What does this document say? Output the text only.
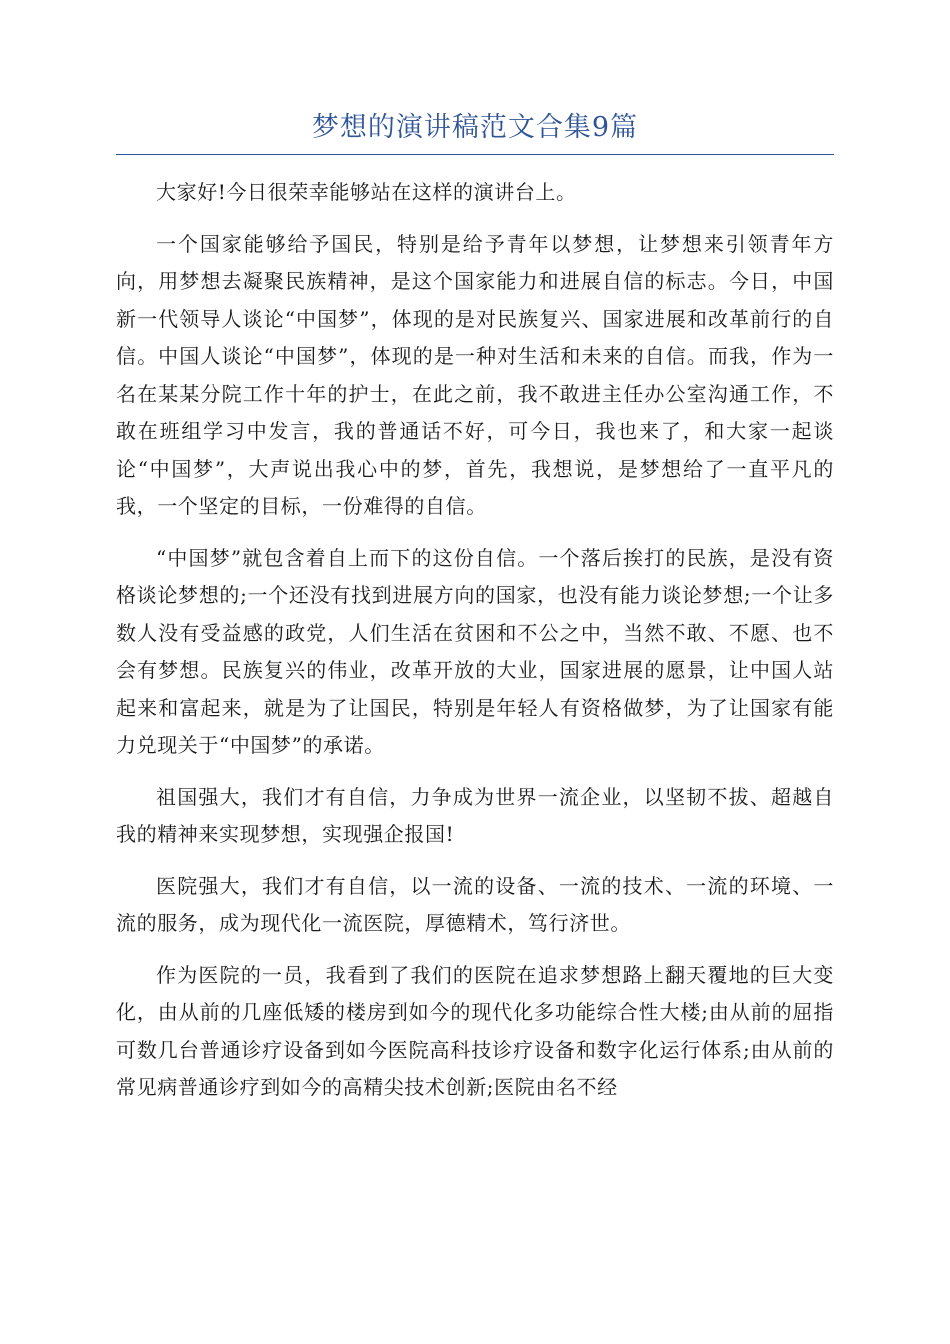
梦想的演讲稿范文合集9篇

大家好!今日很荣幸能够站在这样的演讲台上。

一个国家能够给予国民，特别是给予青年以梦想，让梦想来引领青年方向，用梦想去凝聚民族精神，是这个国家能力和进展自信的标志。今日，中国新一代领导人谈论“中国梦”，体现的是对民族复兴、国家进展和改革前行的自信。中国人谈论“中国梦”，体现的是一种对生活和未来的自信。而我，作为一名在某某分院工作十年的护士，在此之前，我不敢进主任办公室沟通工作，不敢在班组学习中发言，我的普通话不好，可今日，我也来了，和大家一起谈论“中国梦”，大声说出我心中的梦，首先，我想说，是梦想给了一直平凡的我，一个坚定的目标，一份难得的自信。

“中国梦”就包含着自上而下的这份自信。一个落后挨打的民族，是没有资格谈论梦想的;一个还没有找到进展方向的国家，也没有能力谈论梦想;一个让多数人没有受益感的政党，人们生活在贫困和不公之中，当然不敢、不愿、也不会有梦想。民族复兴的伟业，改革开放的大业，国家进展的愿景，让中国人站起来和富起来，就是为了让国民，特别是年轻人有资格做梦，为了让国家有能力兑现关于“中国梦”的承诺。

祖国强大，我们才有自信，力争成为世界一流企业，以坚韧不拔、超越自我的精神来实现梦想，实现强企报国!

医院强大，我们才有自信，以一流的设备、一流的技术、一流的环境、一流的服务，成为现代化一流医院，厚德精术，笃行济世。

作为医院的一员，我看到了我们的医院在追求梦想路上翻天覆地的巨大变化，由从前的几座低矮的楼房到如今的现代化多功能综合性大楼;由从前的屈指可数几台普通诊疗设备到如今医院高科技诊疗设备和数字化运行体系;由从前的常见病普通诊疗到如今的高精尖技术创新;医院由名不经
